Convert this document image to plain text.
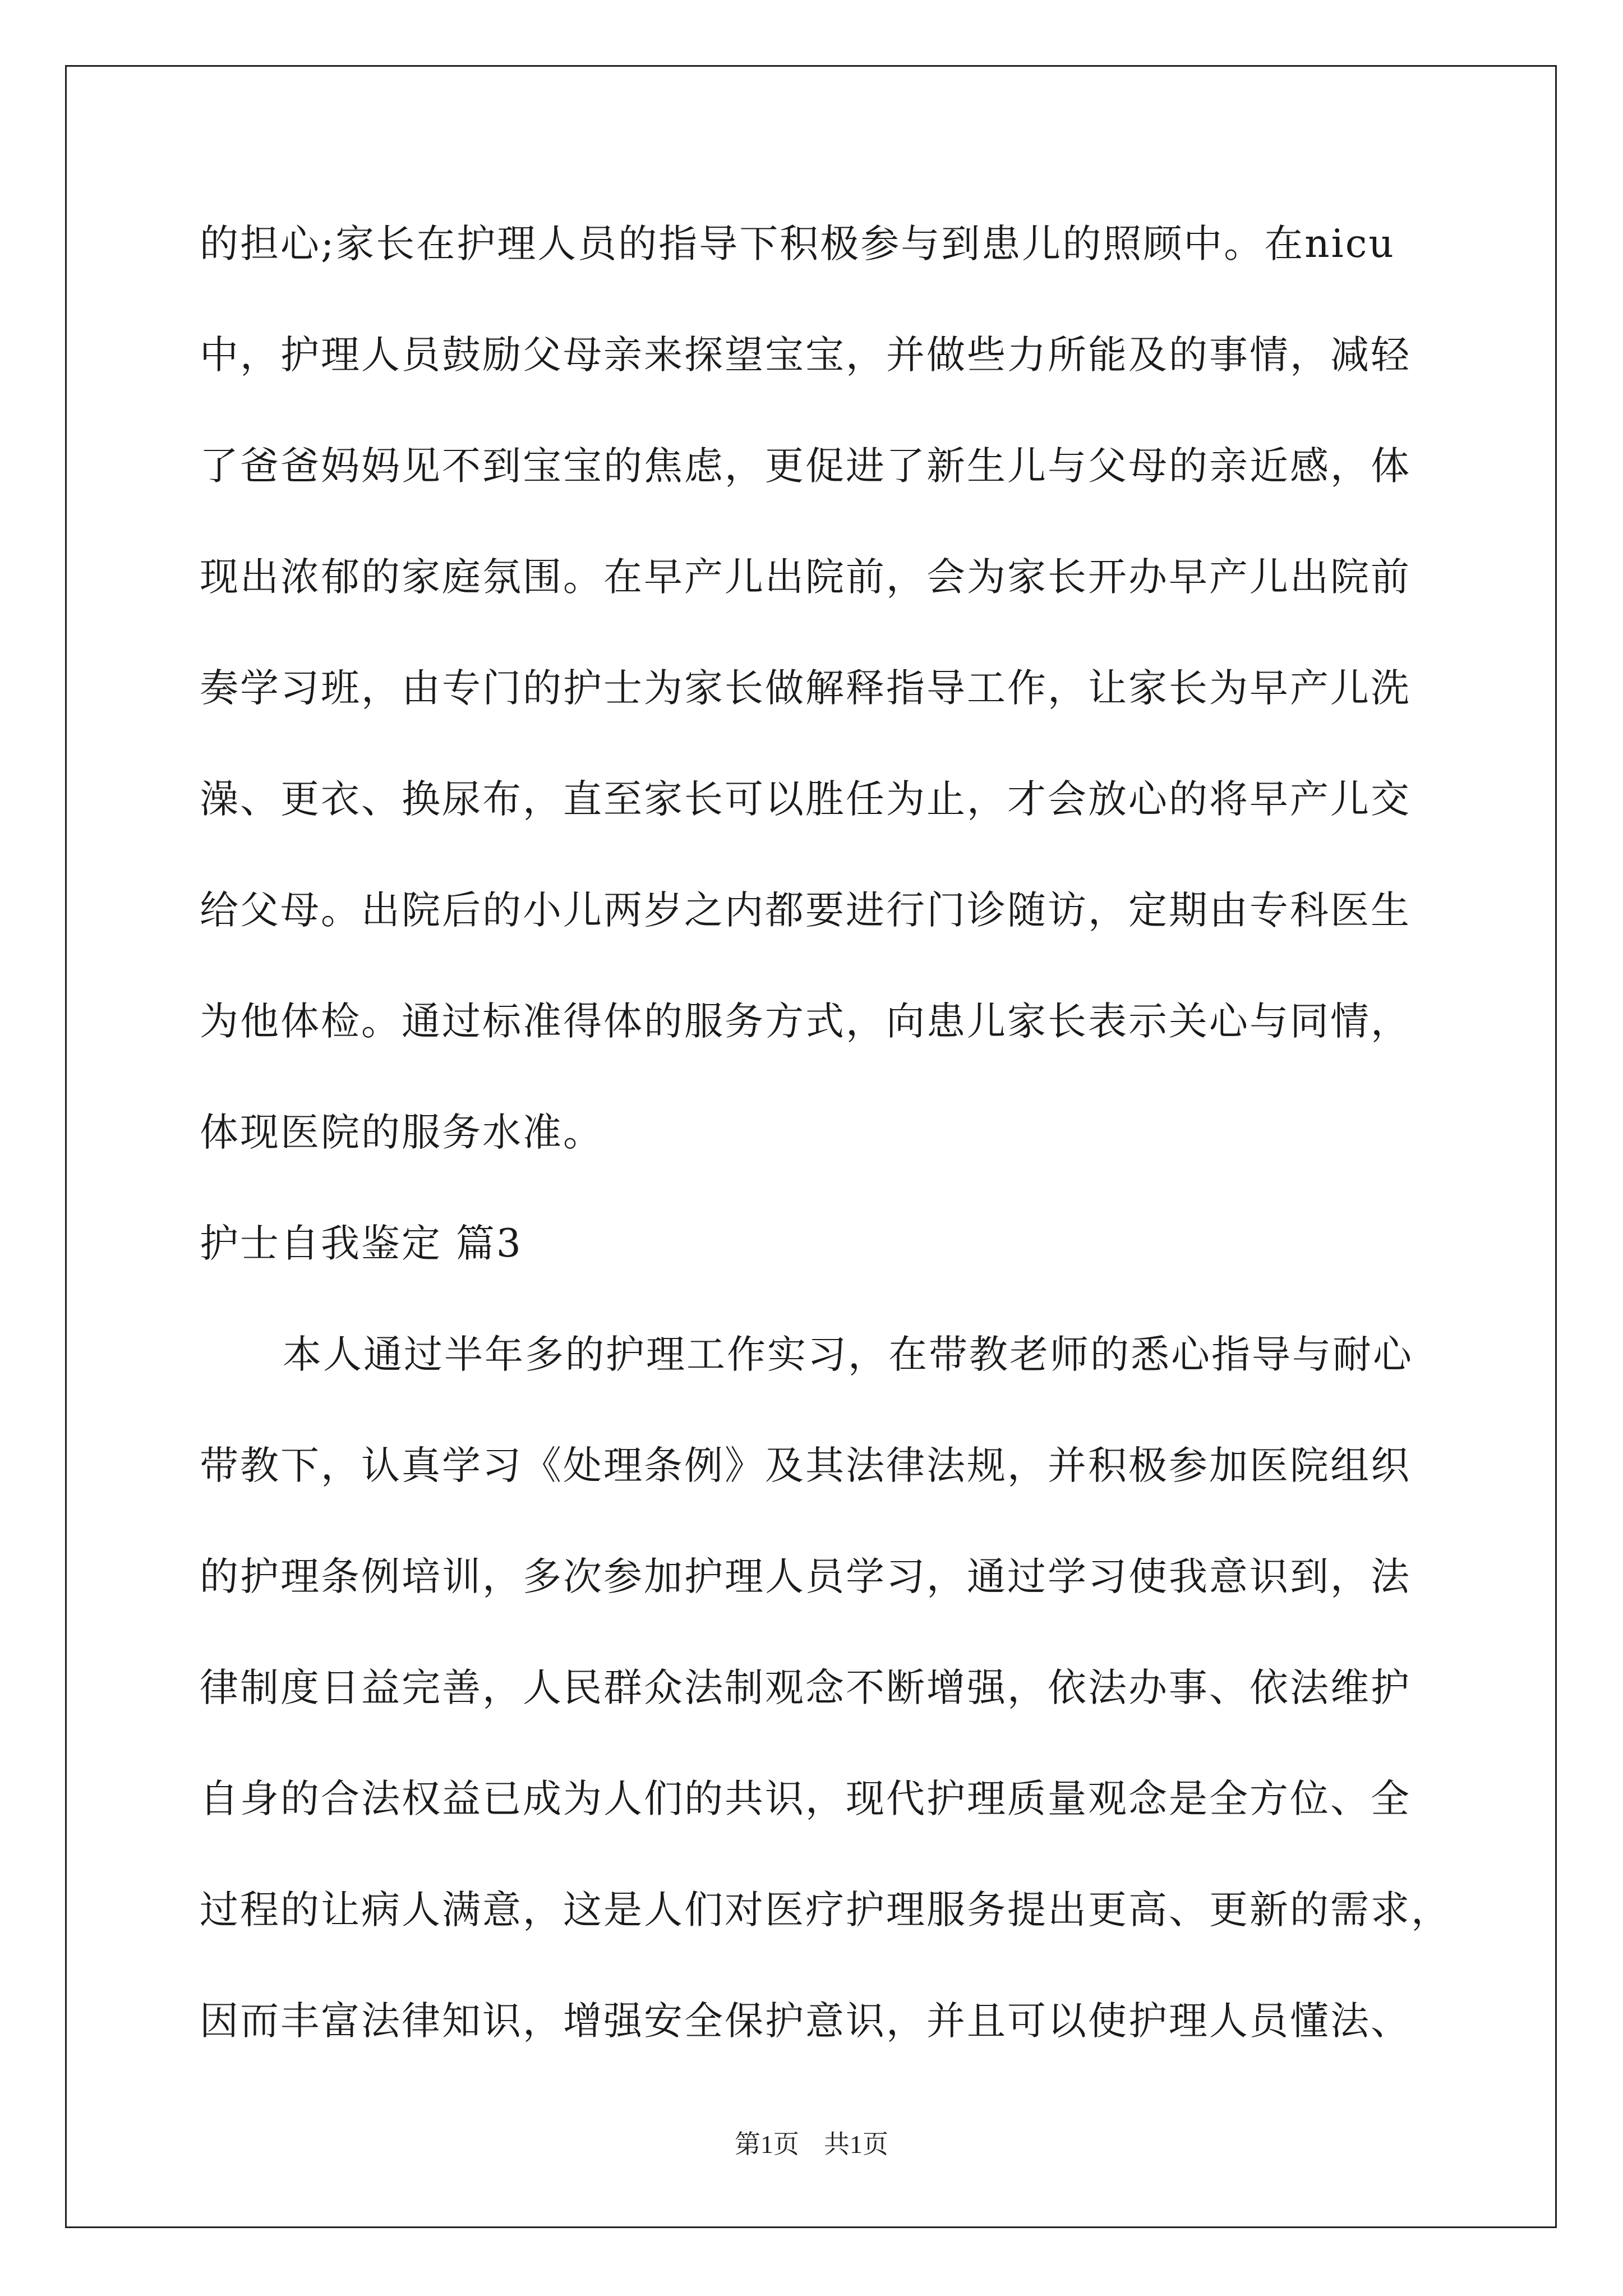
的担心;家长在护理人员的指导下积极参与到患儿的照顾中。在nicu
中，护理人员鼓励父母亲来探望宝宝，并做些力所能及的事情，减轻
了爸爸妈妈见不到宝宝的焦虑，更促进了新生儿与父母的亲近感，体
现出浓郁的家庭氛围。在早产儿出院前，会为家长开办早产儿出院前
奏学习班，由专门的护士为家长做解释指导工作，让家长为早产儿洗
澡、更衣、换尿布，直至家长可以胜任为止，才会放心的将早产儿交
给父母。出院后的小儿两岁之内都要进行门诊随访，定期由专科医生
为他体检。通过标准得体的服务方式，向患儿家长表示关心与同情，
体现医院的服务水准。
护士自我鉴定 篇3
本人通过半年多的护理工作实习，在带教老师的悉心指导与耐心
带教下，认真学习《处理条例》及其法律法规，并积极参加医院组织
的护理条例培训，多次参加护理人员学习，通过学习使我意识到，法
律制度日益完善，人民群众法制观念不断增强，依法办事、依法维护
自身的合法权益已成为人们的共识，现代护理质量观念是全方位、全
过程的让病人满意，这是人们对医疗护理服务提出更高、更新的需求，
因而丰富法律知识，增强安全保护意识，并且可以使护理人员懂法、
第1页 共1页
